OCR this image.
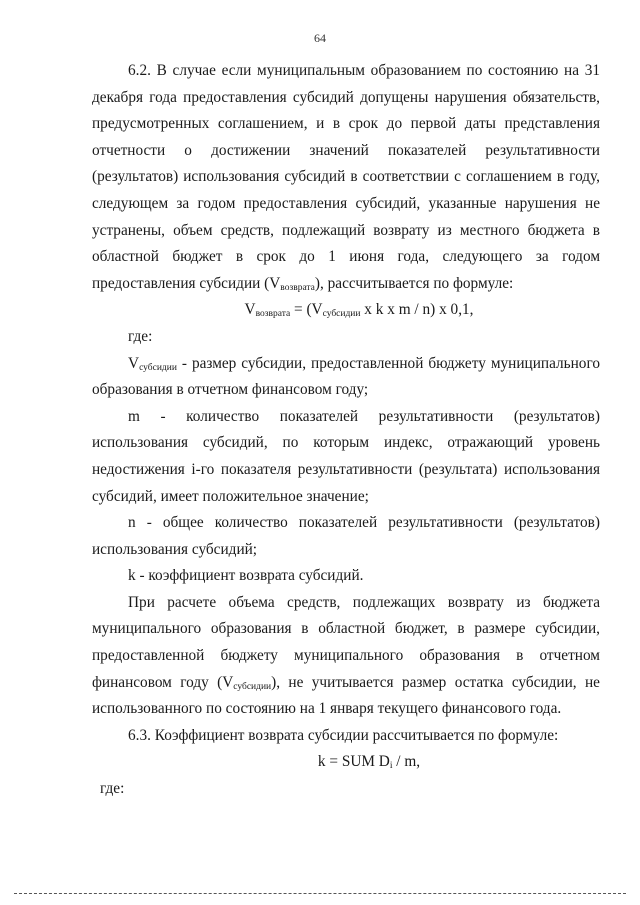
64

6.2. В случае если муниципальным образованием по состоянию на 31 декабря года предоставления субсидий допущены нарушения обязательств, предусмотренных соглашением, и в срок до первой даты представления отчетности о достижении значений показателей результативности (результатов) использования субсидий в соответствии с соглашением в году, следующем за годом предоставления субсидий, указанные нарушения не устранены, объем средств, подлежащий возврату из местного бюджета в областной бюджет в срок до 1 июня года, следующего за годом предоставления субсидии $(V_{возврата})$, рассчитывается по формуле:

$V_{возврата} = (V_{субсидии}$ x k x m / n) x 0,1,

где:

$V_{субсидии}$ - размер субсидии, предоставленной бюджету муниципального образования в отчетном финансовом году;

m - количество показателей результативности (результатов) использования субсидий, по которым индекс, отражающий уровень недостижения i-го показателя результативности (результата) использования субсидий, имеет положительное значение;

n - общее количество показателей результативности (результатов) использования субсидий;

k - коэффициент возврата субсидий.

При расчете объема средств, подлежащих возврату из бюджета муниципального образования в областной бюджет, в размере субсидии, предоставленной бюджету муниципального образования в отчетном финансовом году $(V_{субсидии})$, не учитывается размер остатка субсидии, не использованного по состоянию на 1 января текущего финансового года.

6.3. Коэффициент возврата субсидии рассчитывается по формуле:

k = SUM $D_i$ / m,

где:
